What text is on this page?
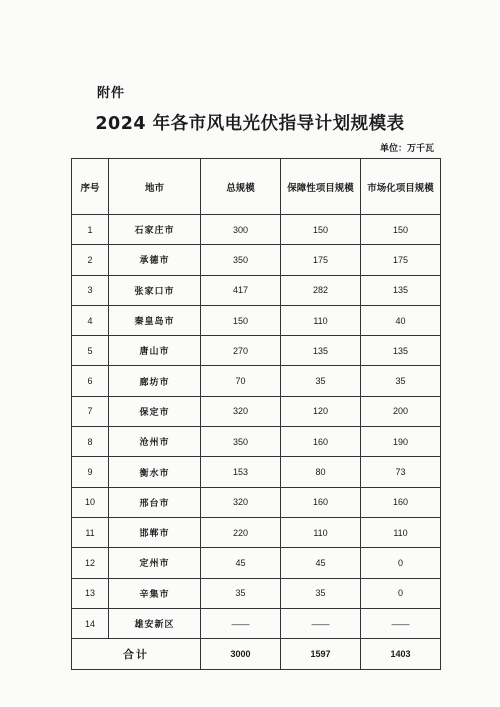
附件
2024 年各市风电光伏指导计划规模表
单位：万千瓦
序号	地市	总规模	保障性项目规模	市场化项目规模
1	石家庄市	300	150	150
2	承德市	350	175	175
3	张家口市	417	282	135
4	秦皇岛市	150	110	40
5	唐山市	270	135	135
6	廊坊市	70	35	35
7	保定市	320	120	200
8	沧州市	350	160	190
9	衡水市	153	80	73
10	邢台市	320	160	160
11	邯郸市	220	110	110
12	定州市	45	45	0
13	辛集市	35	35	0
14	雄安新区	——	——	——
合计		3000	1597	1403
